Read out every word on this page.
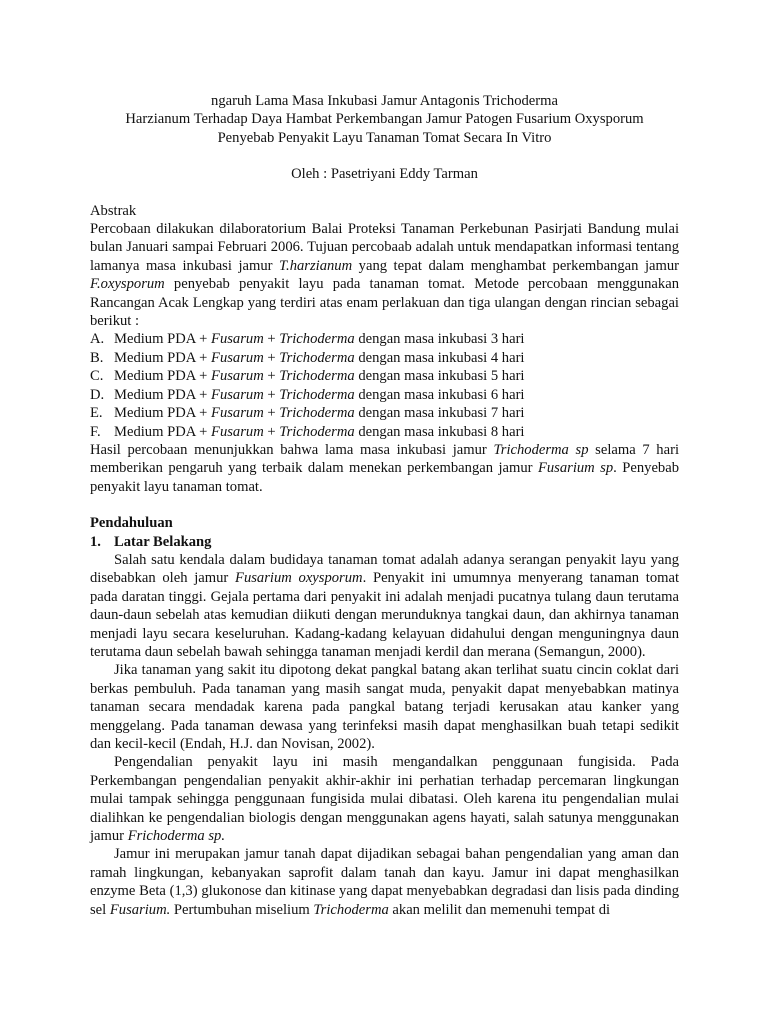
ngaruh Lama Masa Inkubasi Jamur Antagonis Trichoderma
Harzianum Terhadap Daya Hambat Perkembangan Jamur Patogen Fusarium Oxysporum
Penyebab Penyakit Layu Tanaman Tomat Secara In Vitro
Oleh : Pasetriyani Eddy Tarman
Abstrak

Percobaan dilakukan dilaboratorium Balai Proteksi Tanaman Perkebunan Pasirjati Bandung mulai bulan Januari sampai Februari 2006. Tujuan percobaab adalah untuk mendapatkan informasi tentang lamanya masa inkubasi jamur T.harzianum yang tepat dalam menghambat perkembangan jamur F.oxysporum penyebab penyakit layu pada tanaman tomat. Metode percobaan menggunakan Rancangan Acak Lengkap yang terdiri atas enam perlakuan dan tiga ulangan dengan rincian sebagai berikut :

A. Medium PDA + Fusarum + Trichoderma dengan masa inkubasi 3 hari
B. Medium PDA + Fusarum + Trichoderma dengan masa inkubasi 4 hari
C. Medium PDA + Fusarum + Trichoderma dengan masa inkubasi 5 hari
D. Medium PDA + Fusarum + Trichoderma dengan masa inkubasi 6 hari
E. Medium PDA + Fusarum + Trichoderma dengan masa inkubasi 7 hari
F. Medium PDA + Fusarum + Trichoderma dengan masa inkubasi 8 hari

Hasil percobaan menunjukkan bahwa lama masa inkubasi jamur Trichoderma sp selama 7 hari memberikan pengaruh yang terbaik dalam menekan perkembangan jamur Fusarium sp. Penyebab penyakit layu tanaman tomat.

Pendahuluan
1. Latar Belakang

Salah satu kendala dalam budidaya tanaman tomat adalah adanya serangan penyakit layu yang disebabkan oleh jamur Fusarium oxysporum. Penyakit ini umumnya menyerang tanaman tomat pada daratan tinggi. Gejala pertama dari penyakit ini adalah menjadi pucatnya tulang daun terutama daun-daun sebelah atas kemudian diikuti dengan merunduknya tangkai daun, dan akhirnya tanaman menjadi layu secara keseluruhan. Kadang-kadang kelayuan didahului dengan menguningnya daun terutama daun sebelah bawah sehingga tanaman menjadi kerdil dan merana (Semangun, 2000).

Jika tanaman yang sakit itu dipotong dekat pangkal batang akan terlihat suatu cincin coklat dari berkas pembuluh. Pada tanaman yang masih sangat muda, penyakit dapat menyebabkan matinya tanaman secara mendadak karena pada pangkal batang terjadi kerusakan atau kanker yang menggelang. Pada tanaman dewasa yang terinfeksi masih dapat menghasilkan buah tetapi sedikit dan kecil-kecil (Endah, H.J. dan Novisan, 2002).

Pengendalian penyakit layu ini masih mengandalkan penggunaan fungisida. Pada Perkembangan pengendalian penyakit akhir-akhir ini perhatian terhadap percemaran lingkungan mulai tampak sehingga penggunaan fungisida mulai dibatasi. Oleh karena itu pengendalian mulai dialihkan ke pengendalian biologis dengan menggunakan agens hayati, salah satunya menggunakan jamur Frichoderma sp.

Jamur ini merupakan jamur tanah dapat dijadikan sebagai bahan pengendalian yang aman dan ramah lingkungan, kebanyakan saprofit dalam tanah dan kayu. Jamur ini dapat menghasilkan enzyme Beta (1,3) glukonose dan kitinase yang dapat menyebabkan degradasi dan lisis pada dinding sel Fusarium. Pertumbuhan miselium Trichoderma akan melilit dan memenuhi tempat di
